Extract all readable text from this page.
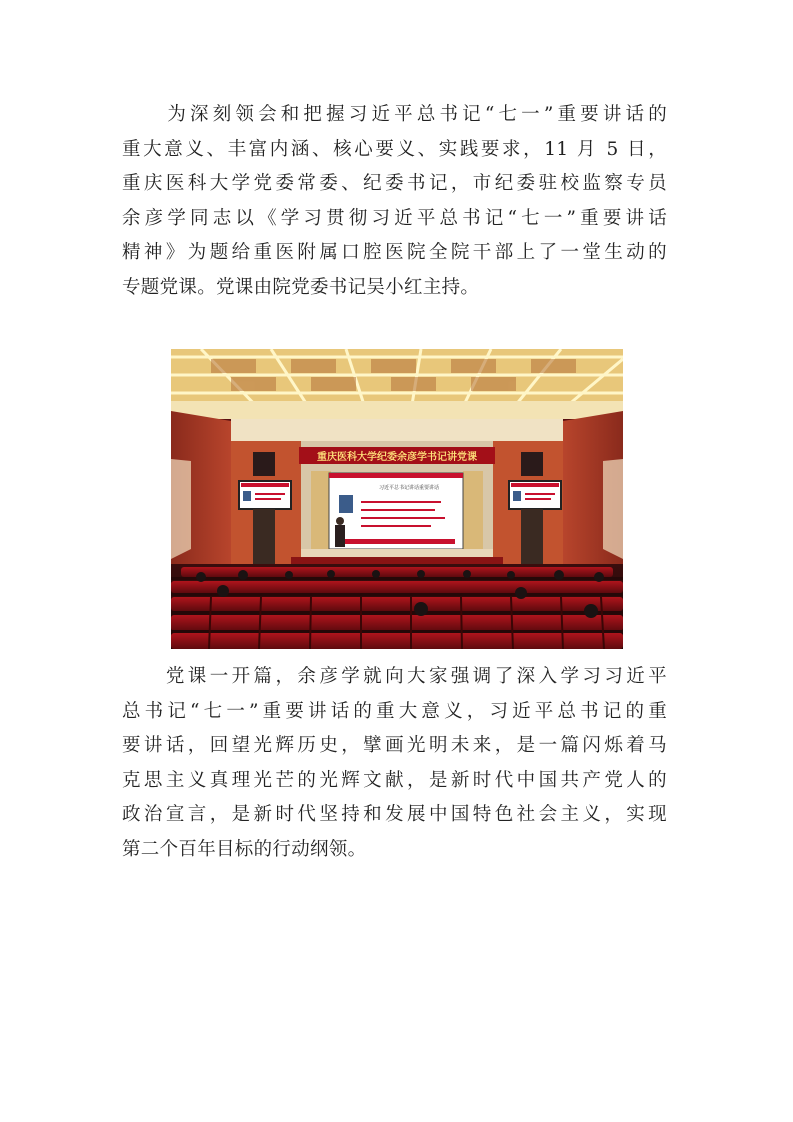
　　为深刻领会和把握习近平总书记“七一”重要讲话的
重大意义、丰富内涵、核心要义、实践要求，11 月 5 日，
重庆医科大学党委常委、纪委书记，市纪委驻校监察专员
余彦学同志以《学习贯彻习近平总书记“七一”重要讲话
精神》为题给重医附属口腔医院全院干部上了一堂生动的
专题党课。党课由院党委书记吴小红主持。

重庆医科大学纪委余彦学书记讲党课
习近平总书记讲话重要讲话

　　党课一开篇，余彦学就向大家强调了深入学习习近平
总书记“七一”重要讲话的重大意义，习近平总书记的重
要讲话，回望光辉历史，擘画光明未来，是一篇闪烁着马
克思主义真理光芒的光辉文献，是新时代中国共产党人的
政治宣言，是新时代坚持和发展中国特色社会主义，实现
第二个百年目标的行动纲领。
